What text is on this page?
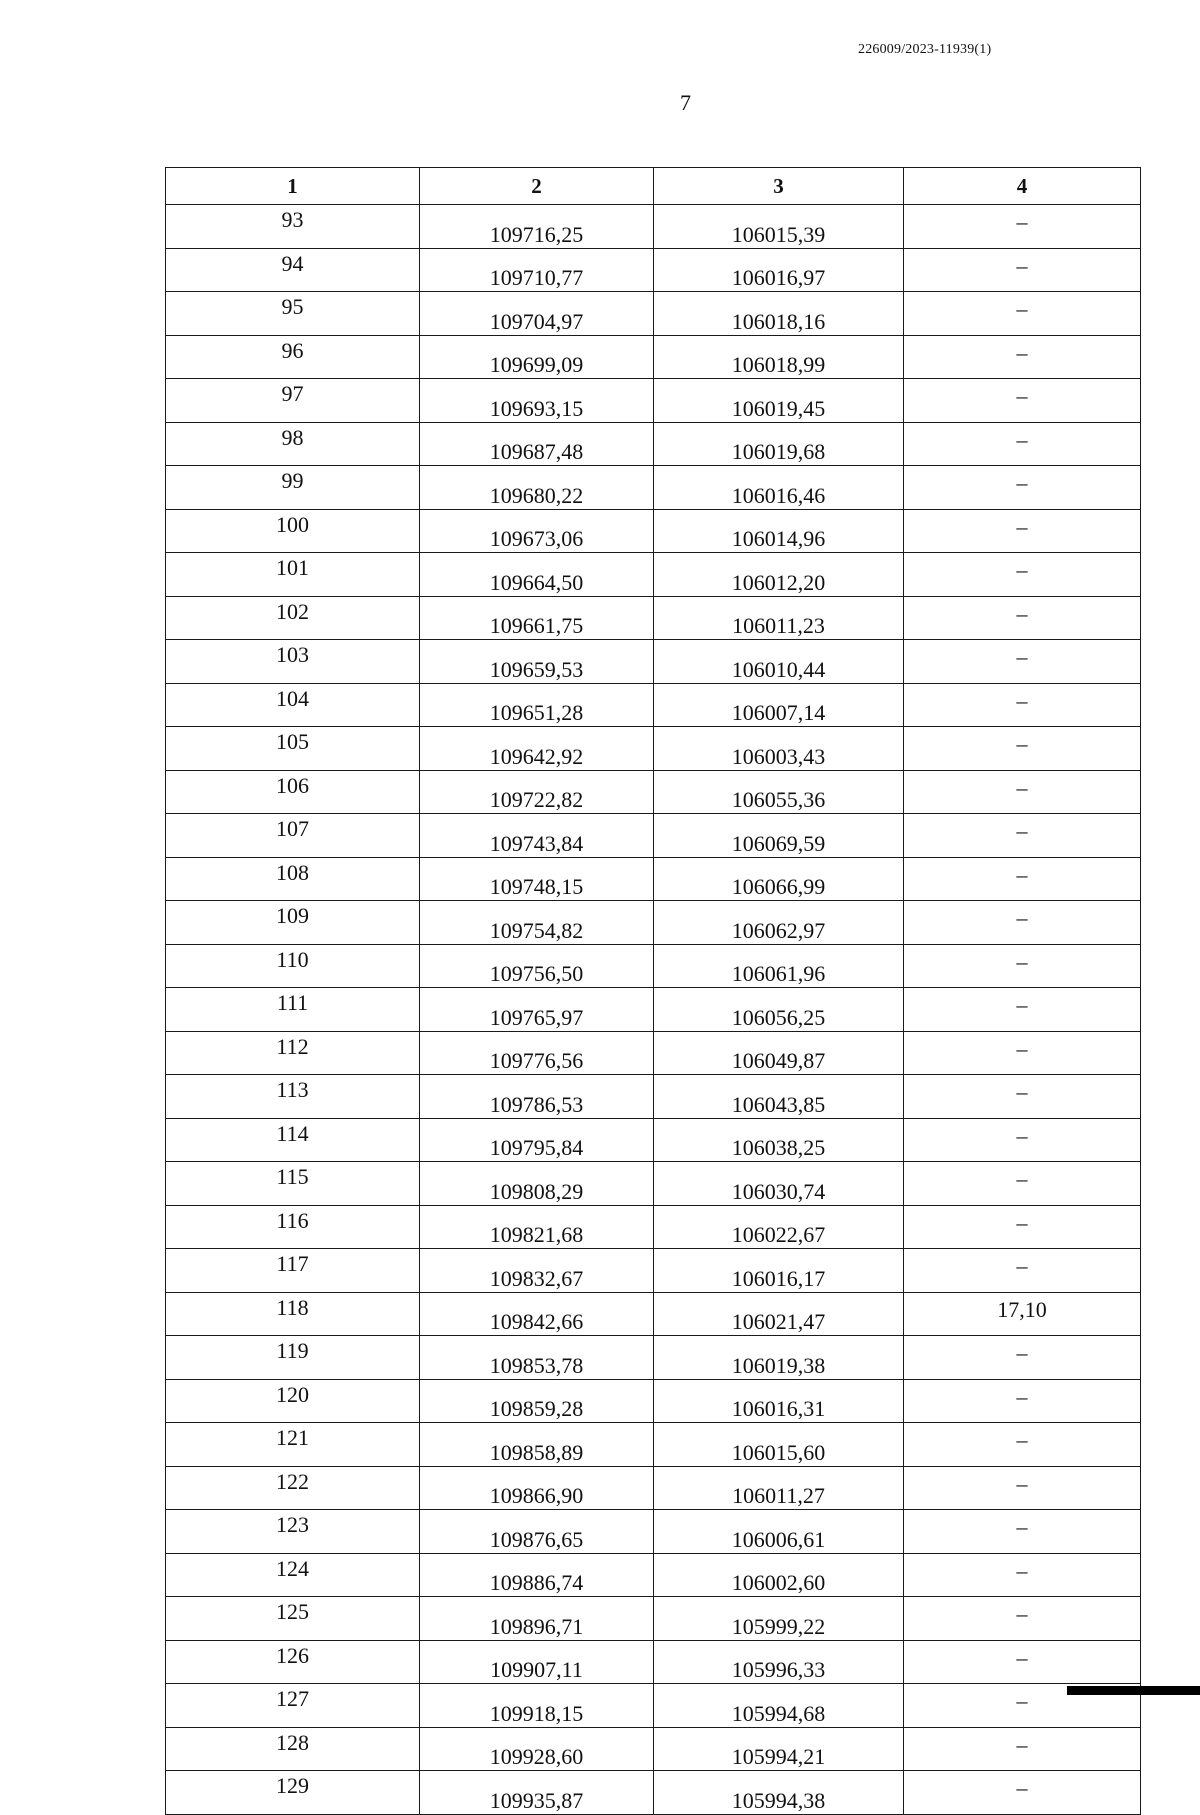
226009/2023-11939(1)
7
1	2	3	4
93	109716,25	106015,39	–
94	109710,77	106016,97	–
95	109704,97	106018,16	–
96	109699,09	106018,99	–
97	109693,15	106019,45	–
98	109687,48	106019,68	–
99	109680,22	106016,46	–
100	109673,06	106014,96	–
101	109664,50	106012,20	–
102	109661,75	106011,23	–
103	109659,53	106010,44	–
104	109651,28	106007,14	–
105	109642,92	106003,43	–
106	109722,82	106055,36	–
107	109743,84	106069,59	–
108	109748,15	106066,99	–
109	109754,82	106062,97	–
110	109756,50	106061,96	–
111	109765,97	106056,25	–
112	109776,56	106049,87	–
113	109786,53	106043,85	–
114	109795,84	106038,25	–
115	109808,29	106030,74	–
116	109821,68	106022,67	–
117	109832,67	106016,17	–
118	109842,66	106021,47	17,10
119	109853,78	106019,38	–
120	109859,28	106016,31	–
121	109858,89	106015,60	–
122	109866,90	106011,27	–
123	109876,65	106006,61	–
124	109886,74	106002,60	–
125	109896,71	105999,22	–
126	109907,11	105996,33	–
127	109918,15	105994,68	–
128	109928,60	105994,21	–
129	109935,87	105994,38	–
